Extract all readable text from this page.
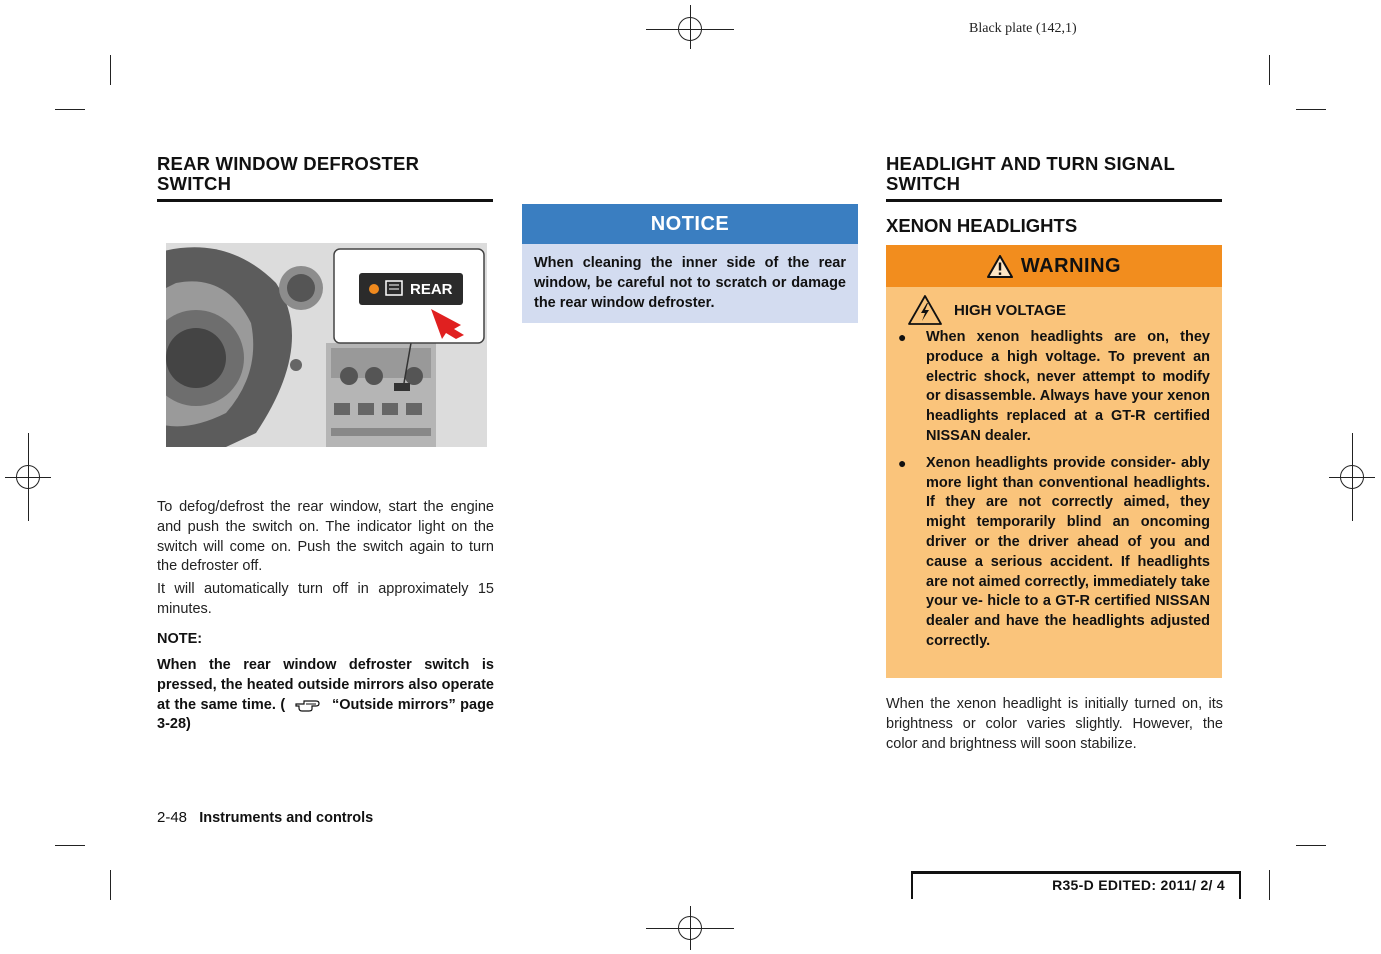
Black plate (142,1)
REAR WINDOW DEFROSTER
SWITCH
REAR

To defog/defrost the rear window, start the engine and push the switch on. The indicator light on the switch will come on. Push the switch again to turn the defroster off.

It will automatically turn off in approximately 15 minutes.

NOTE:
When the rear window defroster switch is pressed, the heated outside mirrors also operate at the same time. (	“Outside mirrors” page 3-28)
NOTICE
When cleaning the inner side of the rear window, be careful not to scratch or damage the rear window defroster.
HEADLIGHT AND TURN SIGNAL
SWITCH
XENON HEADLIGHTS
WARNING
HIGH VOLTAGE
●	When xenon headlights are on, they produce a high voltage. To prevent an electric shock, never attempt to modify or disassemble. Always have your xenon headlights replaced at a GT-R certified NISSAN dealer.
●	Xenon headlights provide consider- ably more light than conventional headlights. If they are not correctly aimed, they might temporarily blind an oncoming driver or the driver ahead of you and cause a serious accident. If headlights are not aimed correctly, immediately take your ve- hicle to a GT-R certified NISSAN dealer and have the headlights adjusted correctly.
When the xenon headlight is initially turned on, its brightness or color varies slightly. However, the color and brightness will soon stabilize.
2-48 Instruments and controls
R35-D EDITED: 2011/ 2/ 4
